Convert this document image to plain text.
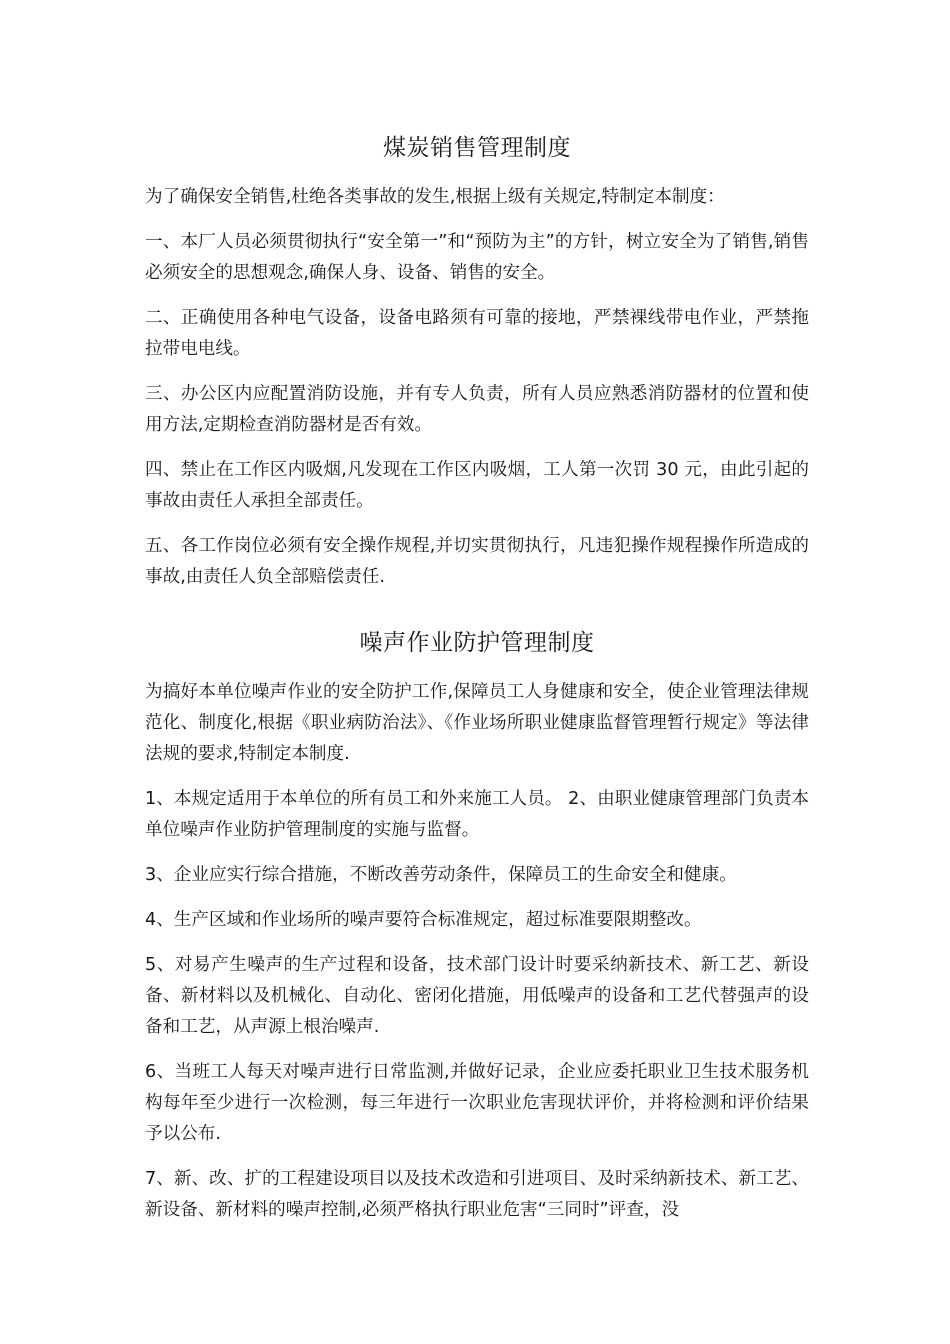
煤炭销售管理制度

为了确保安全销售,杜绝各类事故的发生,根据上级有关规定,特制定本制度：

一、本厂人员必须贯彻执行“安全第一”和“预防为主”的方针，树立安全为了销售,销售必须安全的思想观念,确保人身、设备、销售的安全。

二、正确使用各种电气设备，设备电路须有可靠的接地，严禁裸线带电作业，严禁拖拉带电电线。

三、办公区内应配置消防设施，并有专人负责，所有人员应熟悉消防器材的位置和使用方法,定期检查消防器材是否有效。

四、禁止在工作区内吸烟,凡发现在工作区内吸烟，工人第一次罚 30 元，由此引起的事故由责任人承担全部责任。

五、各工作岗位必须有安全操作规程,并切实贯彻执行，凡违犯操作规程操作所造成的事故,由责任人负全部赔偿责任.

噪声作业防护管理制度

为搞好本单位噪声作业的安全防护工作,保障员工人身健康和安全，使企业管理法律规范化、制度化,根据《职业病防治法》、《作业场所职业健康监督管理暂行规定》等法律法规的要求,特制定本制度.

1、本规定适用于本单位的所有员工和外来施工人员。 2、由职业健康管理部门负责本单位噪声作业防护管理制度的实施与监督。

3、企业应实行综合措施，不断改善劳动条件，保障员工的生命安全和健康。

4、生产区域和作业场所的噪声要符合标准规定，超过标准要限期整改。

5、对易产生噪声的生产过程和设备，技术部门设计时要采纳新技术、新工艺、新设备、新材料以及机械化、自动化、密闭化措施，用低噪声的设备和工艺代替强声的设备和工艺，从声源上根治噪声.

6、当班工人每天对噪声进行日常监测,并做好记录，企业应委托职业卫生技术服务机构每年至少进行一次检测，每三年进行一次职业危害现状评价，并将检测和评价结果予以公布.

7、新、改、扩的工程建设项目以及技术改造和引进项目、及时采纳新技术、新工艺、新设备、新材料的噪声控制,必须严格执行职业危害“三同时”评查，没
